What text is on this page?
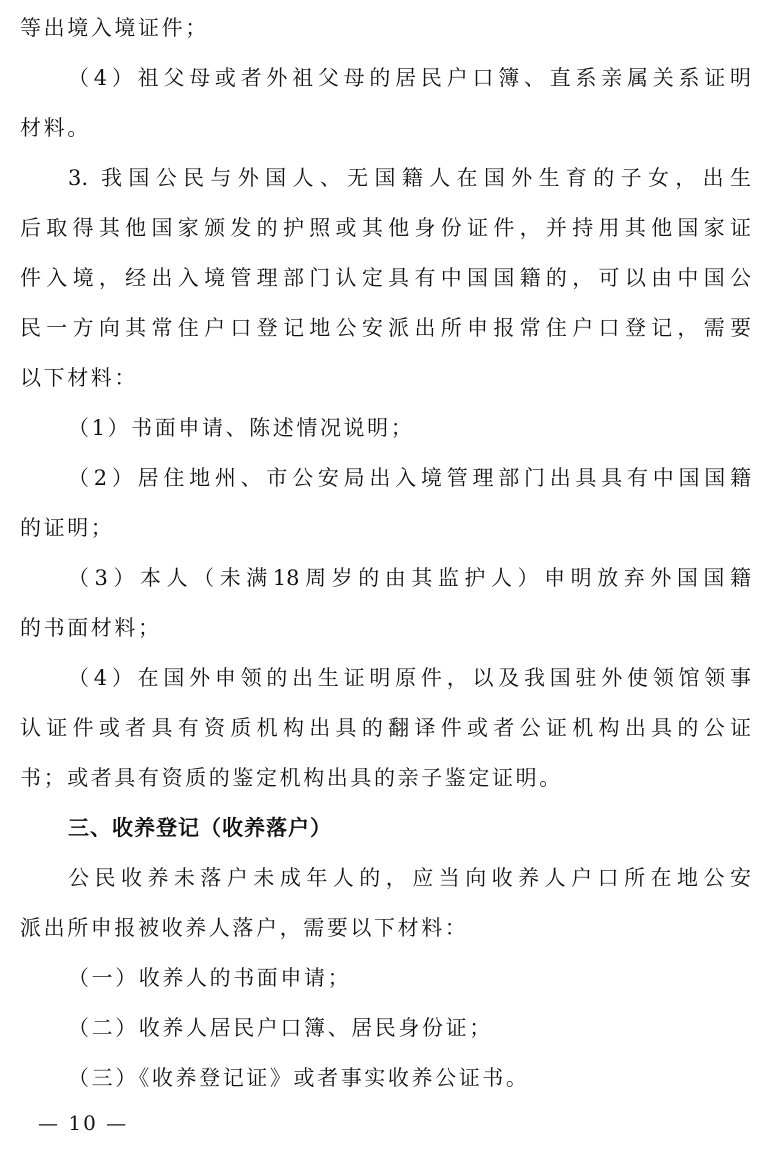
等出境入境证件；
（4）祖父母或者外祖父母的居民户口簿、直系亲属关系证明
材料。
3. 我国公民与外国人、无国籍人在国外生育的子女，出生
后取得其他国家颁发的护照或其他身份证件，并持用其他国家证
件入境，经出入境管理部门认定具有中国国籍的，可以由中国公
民一方向其常住户口登记地公安派出所申报常住户口登记，需要
以下材料：
（1）书面申请、陈述情况说明；
（2）居住地州、市公安局出入境管理部门出具具有中国国籍
的证明；
（3）本人（未满18周岁的由其监护人）申明放弃外国国籍
的书面材料；
（4）在国外申领的出生证明原件，以及我国驻外使领馆领事
认证件或者具有资质机构出具的翻译件或者公证机构出具的公证
书；或者具有资质的鉴定机构出具的亲子鉴定证明。
三、收养登记（收养落户）
公民收养未落户未成年人的，应当向收养人户口所在地公安
派出所申报被收养人落户，需要以下材料：
（一）收养人的书面申请；
（二）收养人居民户口簿、居民身份证；
（三）《收养登记证》或者事实收养公证书。
— 10 —
